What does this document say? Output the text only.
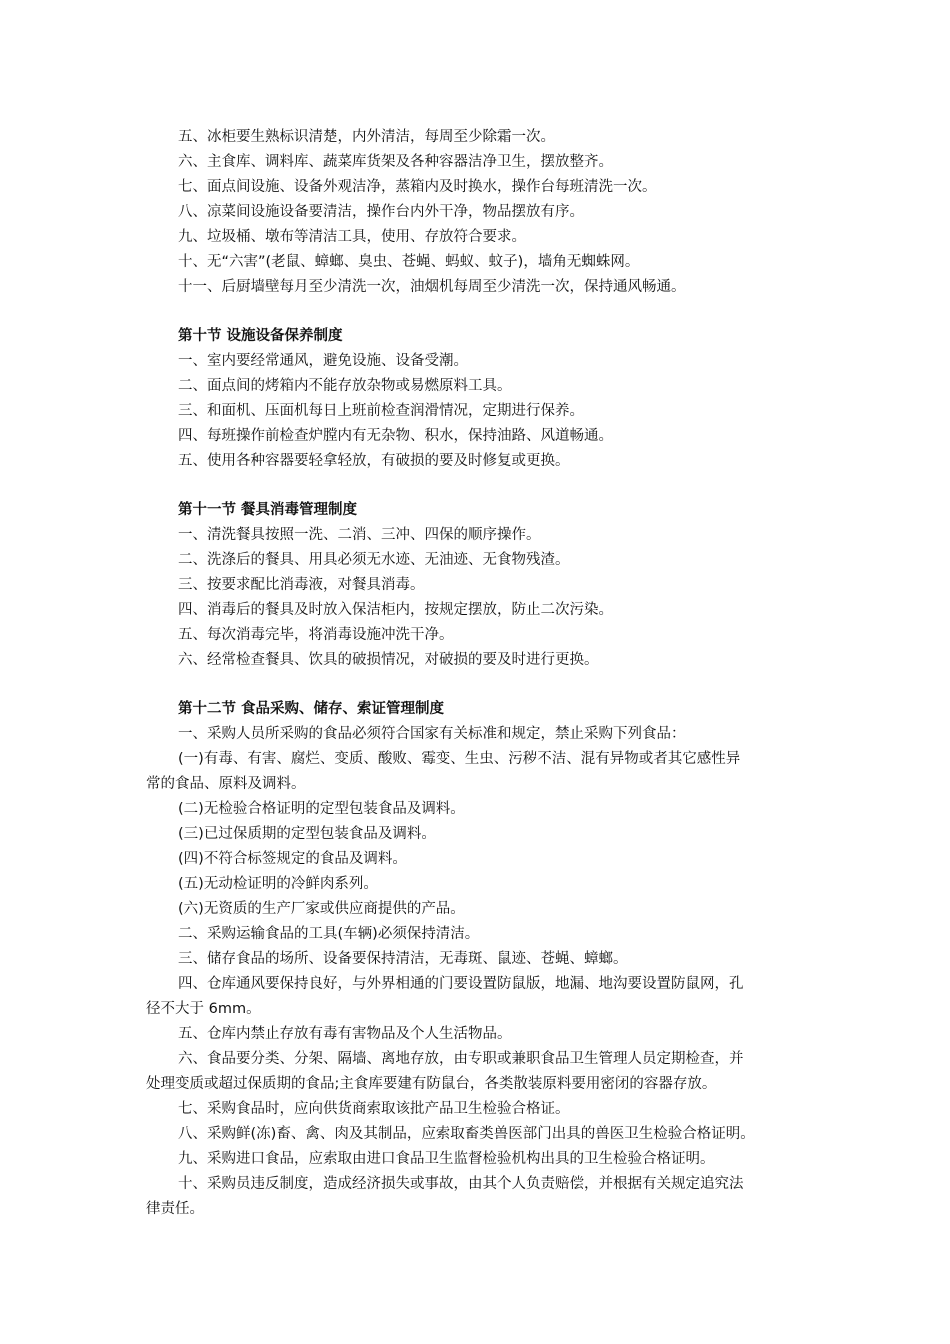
五、冰柜要生熟标识清楚，内外清洁，每周至少除霜一次。
六、主食库、调料库、蔬菜库货架及各种容器洁净卫生，摆放整齐。
七、面点间设施、设备外观洁净，蒸箱内及时换水，操作台每班清洗一次。
八、凉菜间设施设备要清洁，操作台内外干净，物品摆放有序。
九、垃圾桶、墩布等清洁工具，使用、存放符合要求。
十、无“六害”(老鼠、蟑螂、臭虫、苍蝇、蚂蚁、蚊子)，墙角无蜘蛛网。
十一、后厨墙壁每月至少清洗一次，油烟机每周至少清洗一次，保持通风畅通。
第十节 设施设备保养制度
一、室内要经常通风，避免设施、设备受潮。
二、面点间的烤箱内不能存放杂物或易燃原料工具。
三、和面机、压面机每日上班前检查润滑情况，定期进行保养。
四、每班操作前检查炉膛内有无杂物、积水，保持油路、风道畅通。
五、使用各种容器要轻拿轻放，有破损的要及时修复或更换。
第十一节 餐具消毒管理制度
一、清洗餐具按照一洗、二消、三冲、四保的顺序操作。
二、洗涤后的餐具、用具必须无水迹、无油迹、无食物残渣。
三、按要求配比消毒液，对餐具消毒。
四、消毒后的餐具及时放入保洁柜内，按规定摆放，防止二次污染。
五、每次消毒完毕，将消毒设施冲洗干净。
六、经常检查餐具、饮具的破损情况，对破损的要及时进行更换。
第十二节 食品采购、储存、索证管理制度
一、采购人员所采购的食品必须符合国家有关标准和规定，禁止采购下列食品：
(一)有毒、有害、腐烂、变质、酸败、霉变、生虫、污秽不洁、混有异物或者其它感性异
常的食品、原料及调料。
(二)无检验合格证明的定型包装食品及调料。
(三)已过保质期的定型包装食品及调料。
(四)不符合标签规定的食品及调料。
(五)无动检证明的冷鲜肉系列。
(六)无资质的生产厂家或供应商提供的产品。
二、采购运输食品的工具(车辆)必须保持清洁。
三、储存食品的场所、设备要保持清洁，无毒斑、鼠迹、苍蝇、蟑螂。
四、仓库通风要保持良好，与外界相通的门要设置防鼠版，地漏、地沟要设置防鼠网，孔
径不大于 6mm。
五、仓库内禁止存放有毒有害物品及个人生活物品。
六、食品要分类、分架、隔墙、离地存放，由专职或兼职食品卫生管理人员定期检查，并
处理变质或超过保质期的食品;主食库要建有防鼠台，各类散装原料要用密闭的容器存放。
七、采购食品时，应向供货商索取该批产品卫生检验合格证。
八、采购鲜(冻)畜、禽、肉及其制品，应索取畜类兽医部门出具的兽医卫生检验合格证明。
九、采购进口食品，应索取由进口食品卫生监督检验机构出具的卫生检验合格证明。
十、采购员违反制度，造成经济损失或事故，由其个人负责赔偿，并根据有关规定追究法
律责任。
